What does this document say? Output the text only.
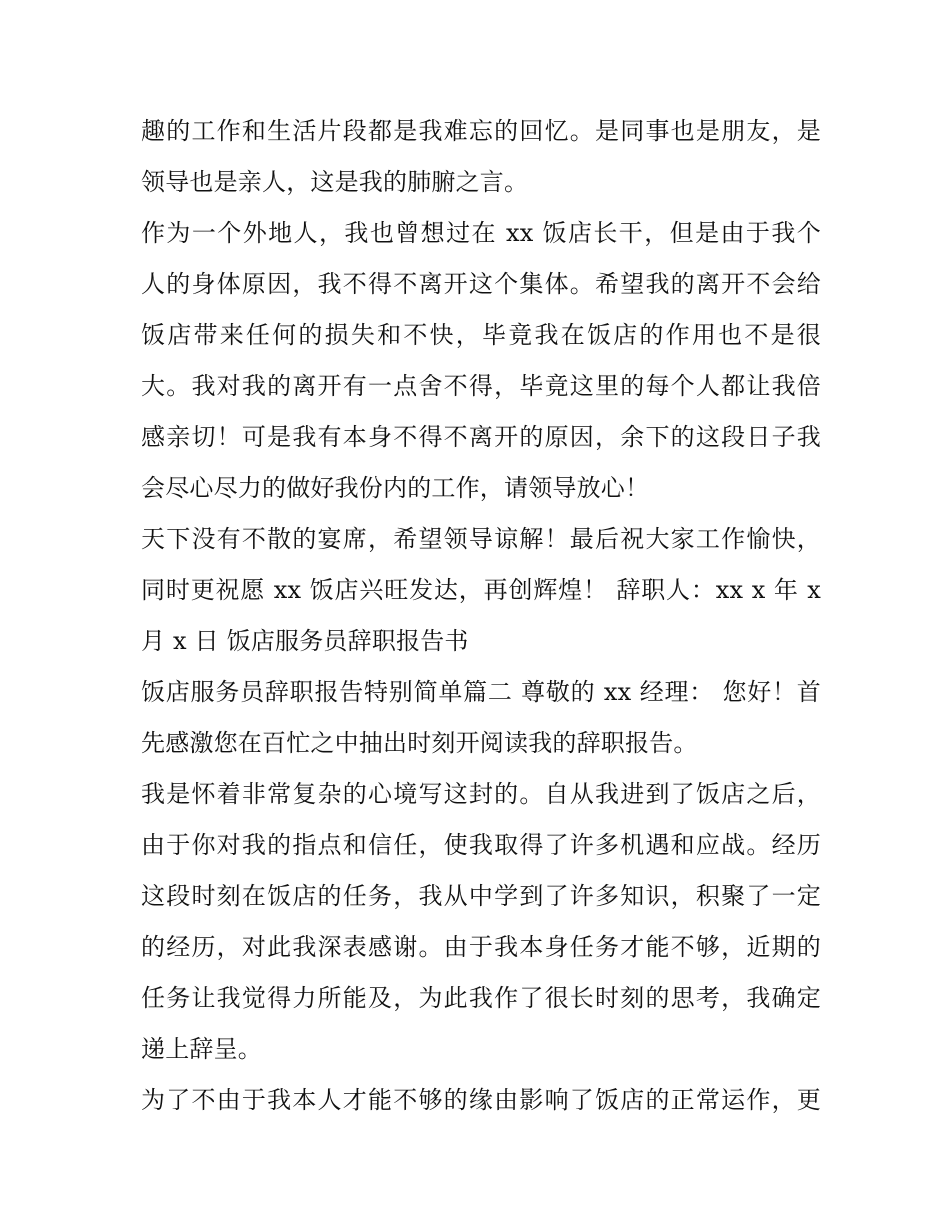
趣的工作和生活片段都是我难忘的回忆。是同事也是朋友，是
领导也是亲人，这是我的肺腑之言。
作为一个外地人，我也曾想过在 xx 饭店长干，但是由于我个
人的身体原因，我不得不离开这个集体。希望我的离开不会给
饭店带来任何的损失和不快，毕竟我在饭店的作用也不是很
大。我对我的离开有一点舍不得，毕竟这里的每个人都让我倍
感亲切！可是我有本身不得不离开的原因，余下的这段日子我
会尽心尽力的做好我份内的工作，请领导放心！
天下没有不散的宴席，希望领导谅解！最后祝大家工作愉快，
同时更祝愿 xx 饭店兴旺发达，再创辉煌！ 辞职人：xx x 年 x
月 x 日 饭店服务员辞职报告书
饭店服务员辞职报告特别简单篇二 尊敬的 xx 经理： 您好！首
先感激您在百忙之中抽出时刻开阅读我的辞职报告。
我是怀着非常复杂的心境写这封的。自从我进到了饭店之后，
由于你对我的指点和信任，使我取得了许多机遇和应战。经历
这段时刻在饭店的任务，我从中学到了许多知识，积聚了一定
的经历，对此我深表感谢。由于我本身任务才能不够，近期的
任务让我觉得力所能及，为此我作了很长时刻的思考，我确定
递上辞呈。
为了不由于我本人才能不够的缘由影响了饭店的正常运作，更
